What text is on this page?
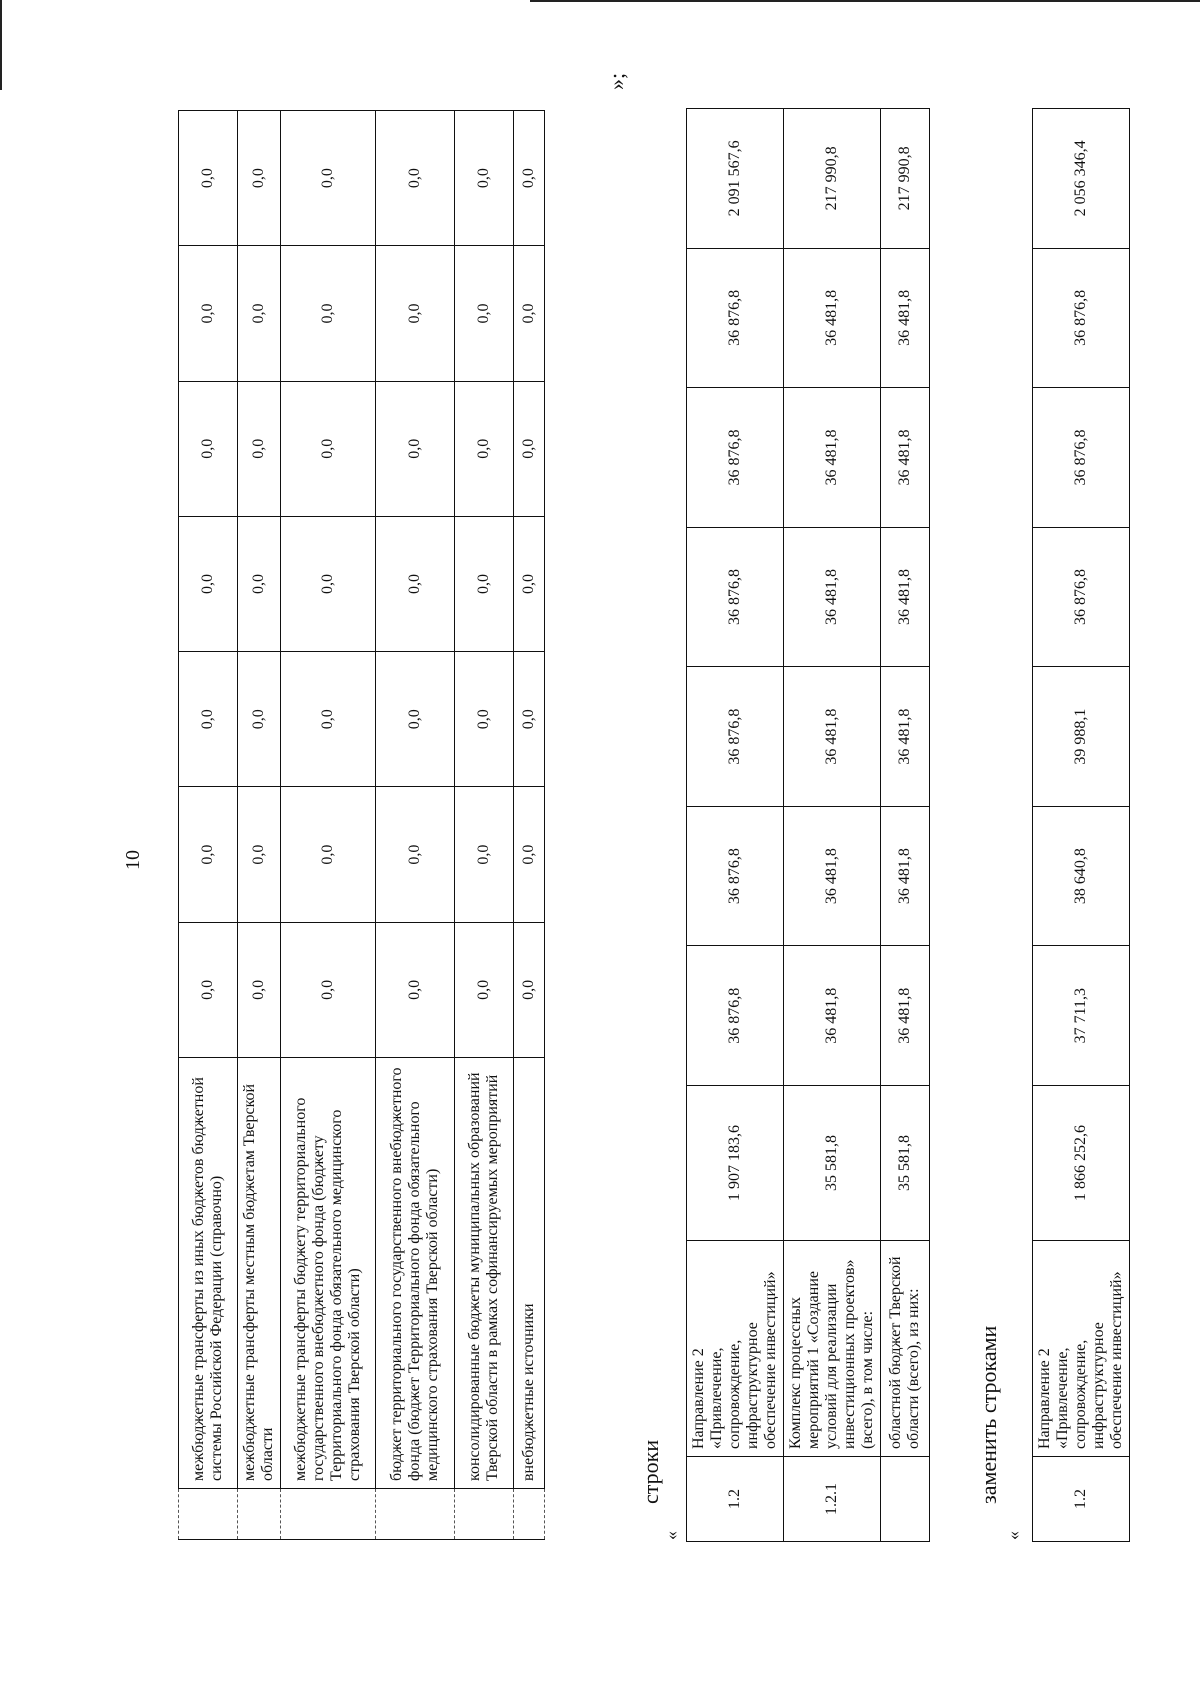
10
	межбюджетные трансферты из иных бюджетов бюджетной системы Российской Федерации (справочно)	0,0	0,0	0,0	0,0	0,0	0,0	0,0
	межбюджетные трансферты местным бюджетам Тверской области	0,0	0,0	0,0	0,0	0,0	0,0	0,0
	межбюджетные трансферты бюджету территориального государственного внебюджетного фонда (бюджету Территориального фонда обязательного медицинского страхования Тверской области)	0,0	0,0	0,0	0,0	0,0	0,0	0,0
	бюджет территориального государственного внебюджетного фонда (бюджет Территориального фонда обязательного медицинского страхования Тверской области)	0,0	0,0	0,0	0,0	0,0	0,0	0,0
	консолидированные бюджеты муниципальных образований Тверской области в рамках софинансируемых мероприятий	0,0	0,0	0,0	0,0	0,0	0,0	0,0
	внебюджетные источники	0,0	0,0	0,0	0,0	0,0	0,0	0,0
»;
«
строки	1.2	Направление 2 «Привлечение, сопровождение, инфраструктурное обеспечение инвестиций»	1 907 183,6	36 876,8	36 876,8	36 876,8	36 876,8	36 876,8	36 876,8	2 091 567,6
1.2.1	Комплекс процессных мероприятий 1 «Создание условий для реализации инвестиционных проектов» (всего), в том числе:	35 581,8	36 481,8	36 481,8	36 481,8	36 481,8	36 481,8	36 481,8	217 990,8
	областной бюджет Тверской области (всего), из них:	35 581,8	36 481,8	36 481,8	36 481,8	36 481,8	36 481,8	36 481,8	217 990,8
«
заменить строками	1.2	Направление 2 «Привлечение, сопровождение, инфраструктурное обеспечение инвестиций»	1 866 252,6	37 711,3	38 640,8	39 988,1	36 876,8	36 876,8	36 876,8	2 056 346,4
